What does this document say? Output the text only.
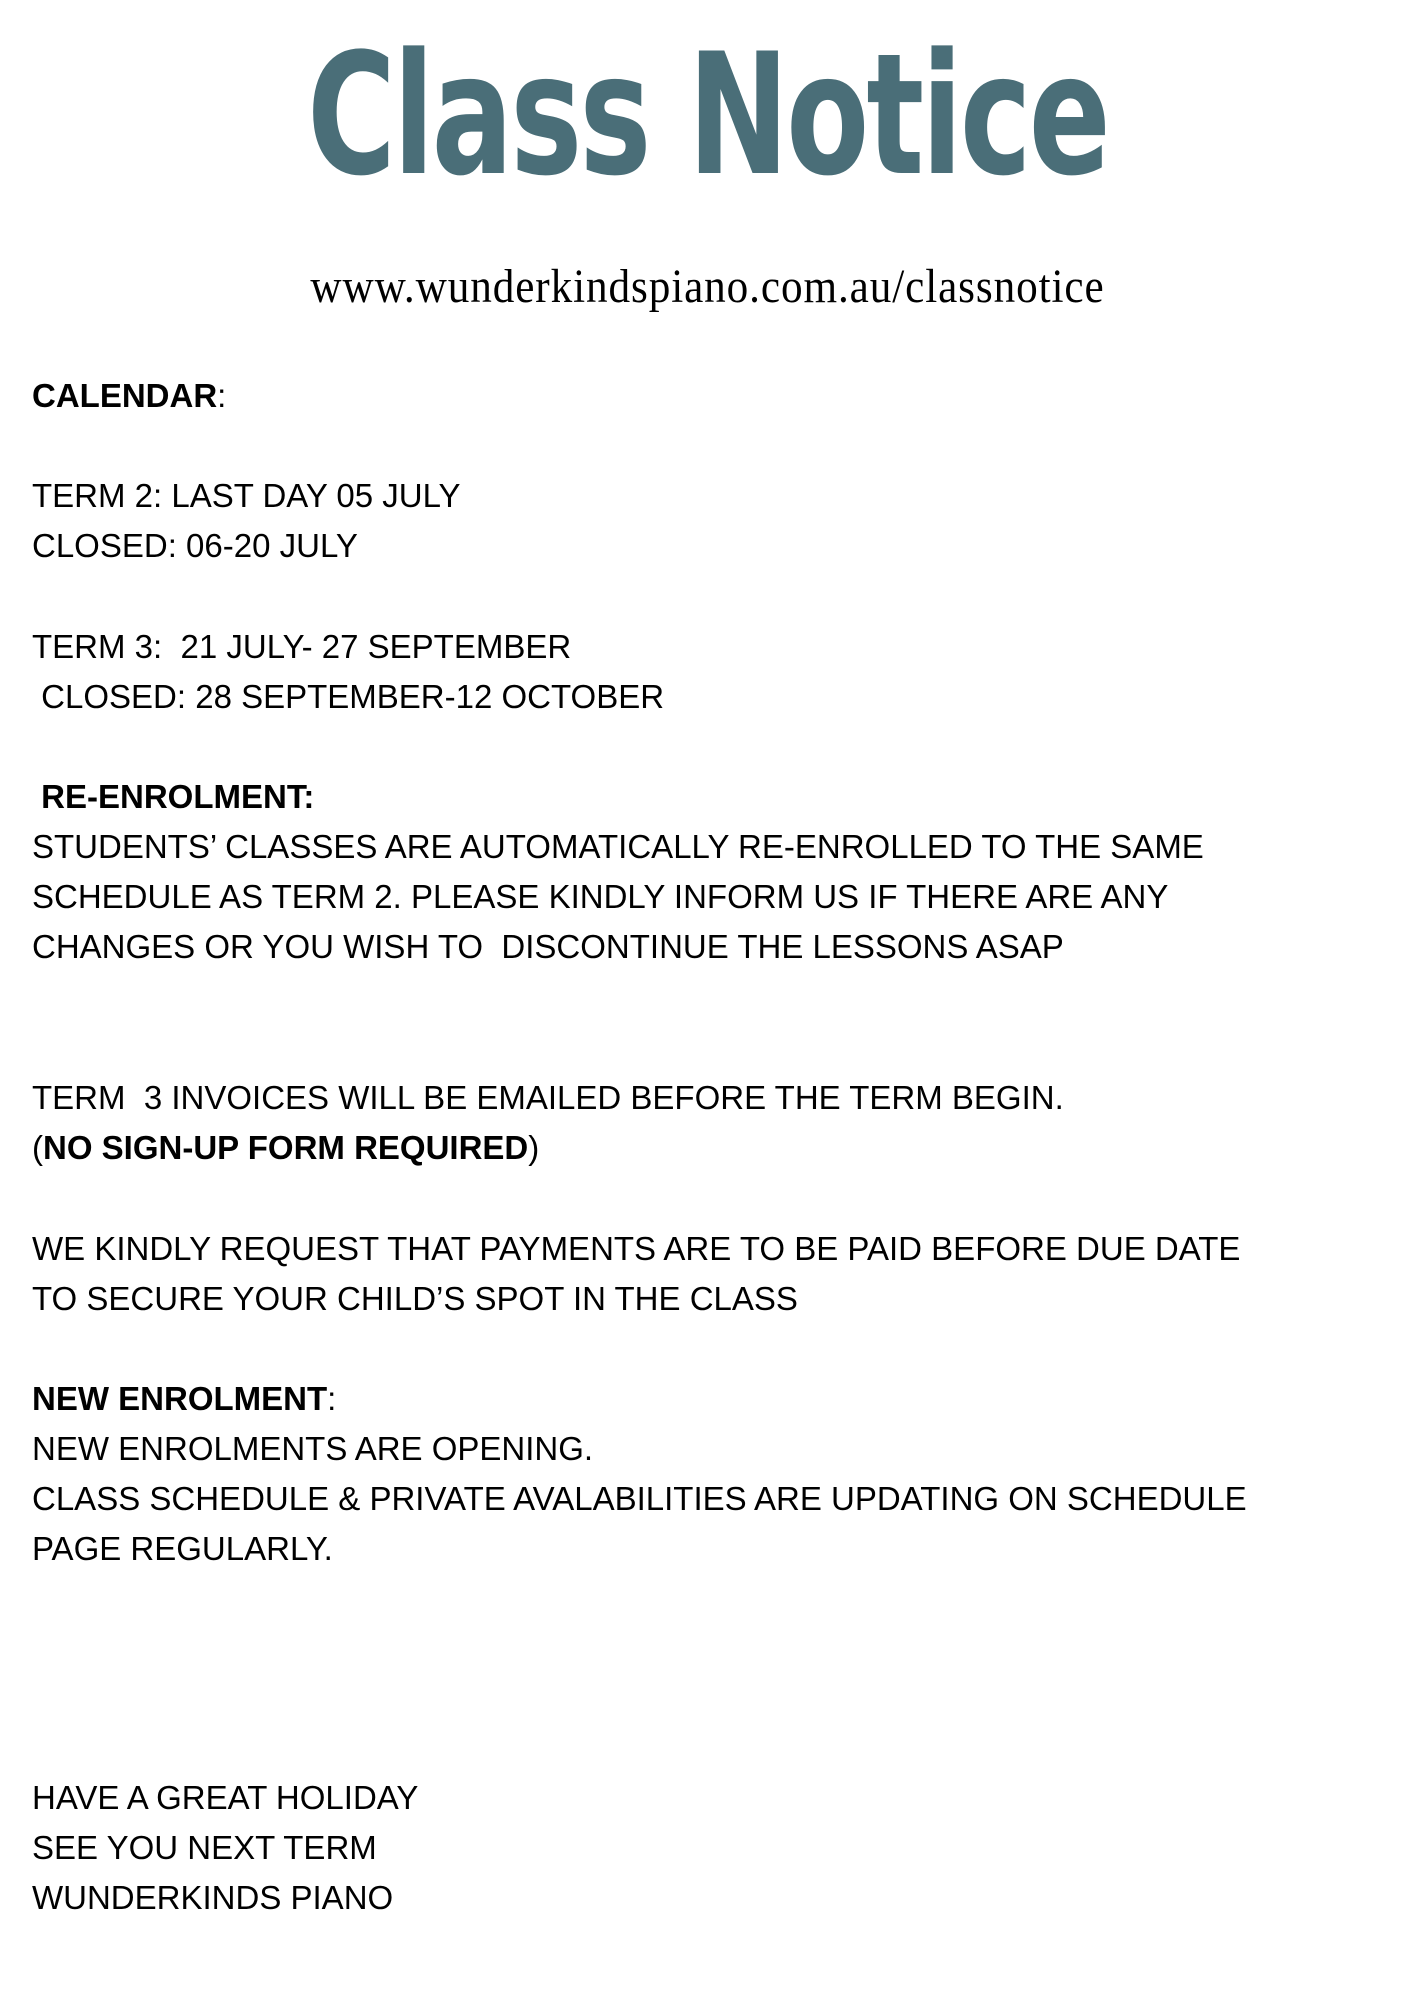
Class Notice
www.wunderkindspiano.com.au/classnotice
CALENDAR:
TERM 2: LAST DAY 05 JULY
CLOSED: 06-20 JULY
TERM 3:  21 JULY- 27 SEPTEMBER
CLOSED: 28 SEPTEMBER-12 OCTOBER
RE-ENROLMENT:
STUDENTS’ CLASSES ARE AUTOMATICALLY RE-ENROLLED TO THE SAME
SCHEDULE AS TERM 2. PLEASE KINDLY INFORM US IF THERE ARE ANY
CHANGES OR YOU WISH TO  DISCONTINUE THE LESSONS ASAP
TERM  3 INVOICES WILL BE EMAILED BEFORE THE TERM BEGIN.
(NO SIGN-UP FORM REQUIRED)
WE KINDLY REQUEST THAT PAYMENTS ARE TO BE PAID BEFORE DUE DATE
TO SECURE YOUR CHILD’S SPOT IN THE CLASS
NEW ENROLMENT:
NEW ENROLMENTS ARE OPENING.
CLASS SCHEDULE & PRIVATE AVALABILITIES ARE UPDATING ON SCHEDULE
PAGE REGULARLY.
HAVE A GREAT HOLIDAY
SEE YOU NEXT TERM
WUNDERKINDS PIANO
